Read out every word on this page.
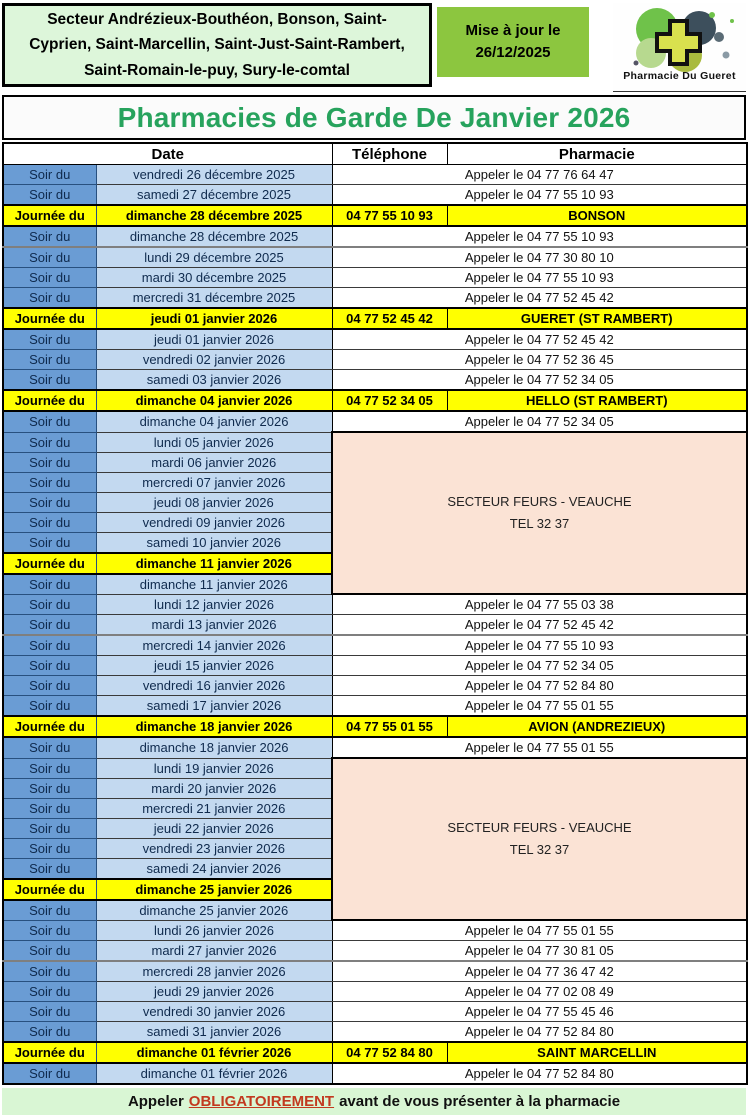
Secteur Andrézieux-Bouthéon, Bonson, Saint-
Cyprien, Saint-Marcellin, Saint-Just-Saint-Rambert,
Saint-Romain-le-puy, Sury-le-comtal
Mise à jour le
26/12/2025
Pharmacie Du Gueret
Pharmacies de Garde De Janvier 2026
Date		Téléphone	Pharmacie
Soir du	vendredi 26 décembre 2025	Appeler le 04 77 76 64 47	
Soir du	samedi 27 décembre 2025	Appeler le 04 77 55 10 93	
Journée du	dimanche 28 décembre 2025	04 77 55 10 93	BONSON
Soir du	dimanche 28 décembre 2025	Appeler le 04 77 55 10 93	
Soir du	lundi 29 décembre 2025	Appeler le 04 77 30 80 10	
Soir du	mardi 30 décembre 2025	Appeler le 04 77 55 10 93	
Soir du	mercredi 31 décembre 2025	Appeler le 04 77 52 45 42	
Journée du	jeudi 01 janvier 2026	04 77 52 45 42	GUERET (ST RAMBERT)
Soir du	jeudi 01 janvier 2026	Appeler le 04 77 52 45 42	
Soir du	vendredi 02 janvier 2026	Appeler le 04 77 52 36 45	
Soir du	samedi 03 janvier 2026	Appeler le 04 77 52 34 05	
Journée du	dimanche 04 janvier 2026	04 77 52 34 05	HELLO (ST RAMBERT)
Soir du	dimanche 04 janvier 2026	Appeler le 04 77 52 34 05	
Soir du	lundi 05 janvier 2026	SECTEUR FEURS - VEAUCHE
TEL 32 37	

Soir du	mardi 06 janvier 2026		
Soir du	mercredi 07 janvier 2026		
Soir du	jeudi 08 janvier 2026		
Soir du	vendredi 09 janvier 2026		
Soir du	samedi 10 janvier 2026		
Journée du	dimanche 11 janvier 2026		
Soir du	dimanche 11 janvier 2026		
Soir du	lundi 12 janvier 2026	Appeler le 04 77 55 03 38	
Soir du	mardi 13 janvier 2026	Appeler le 04 77 52 45 42	
Soir du	mercredi 14 janvier 2026	Appeler le 04 77 55 10 93	
Soir du	jeudi 15 janvier 2026	Appeler le 04 77 52 34 05	
Soir du	vendredi 16 janvier 2026	Appeler le 04 77 52 84 80	
Soir du	samedi 17 janvier 2026	Appeler le 04 77 55 01 55	
Journée du	dimanche 18 janvier 2026	04 77 55 01 55	AVION (ANDREZIEUX)
Soir du	dimanche 18 janvier 2026	Appeler le 04 77 55 01 55	
Soir du	lundi 19 janvier 2026	SECTEUR FEURS - VEAUCHE
TEL 32 37	

Soir du	mardi 20 janvier 2026		
Soir du	mercredi 21 janvier 2026		
Soir du	jeudi 22 janvier 2026		
Soir du	vendredi 23 janvier 2026		
Soir du	samedi 24 janvier 2026		
Journée du	dimanche 25 janvier 2026		
Soir du	dimanche 25 janvier 2026		
Soir du	lundi 26 janvier 2026	Appeler le 04 77 55 01 55	
Soir du	mardi 27 janvier 2026	Appeler le 04 77 30 81 05	
Soir du	mercredi 28 janvier 2026	Appeler le 04 77 36 47 42	
Soir du	jeudi 29 janvier 2026	Appeler le 04 77 02 08 49	
Soir du	vendredi 30 janvier 2026	Appeler le 04 77 55 45 46	
Soir du	samedi 31 janvier 2026	Appeler le 04 77 52 84 80	
Journée du	dimanche 01 février 2026	04 77 52 84 80	SAINT MARCELLIN
Soir du	dimanche 01 février 2026	Appeler le 04 77 52 84 80	
Appeler OBLIGATOIREMENT avant de vous présenter à la pharmacie
